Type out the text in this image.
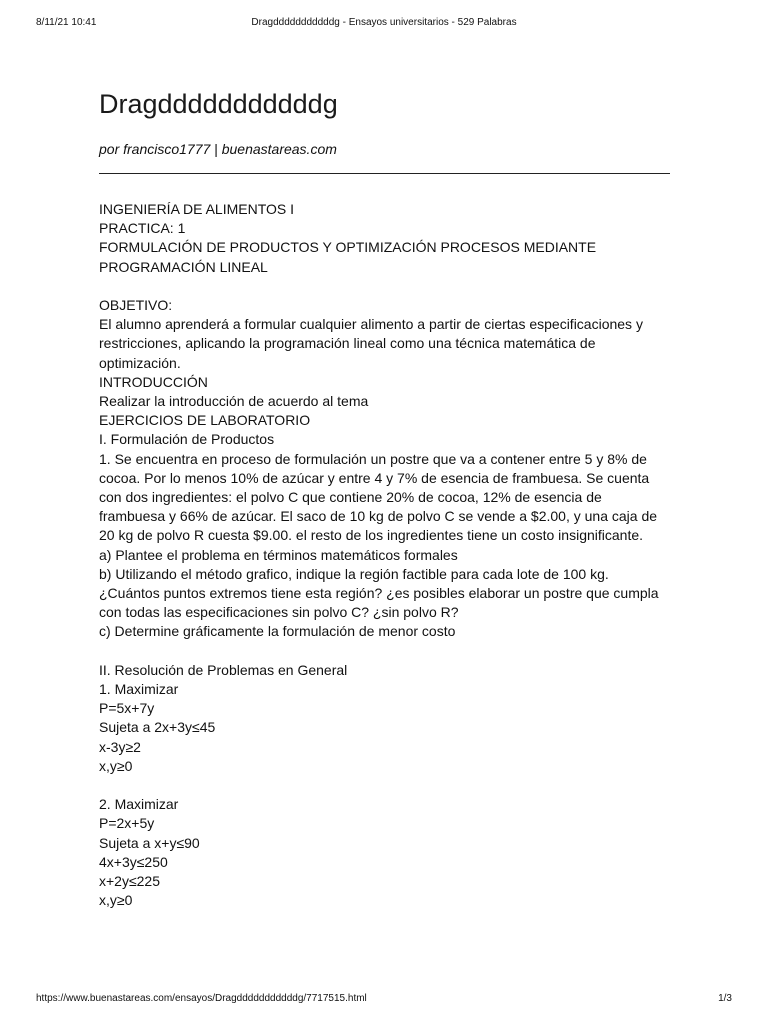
8/11/21 10:41	Dragdddddddddddg - Ensayos universitarios - 529 Palabras
Dragdddddddddddg
por francisco1777 | buenastareas.com
INGENIERÍA DE ALIMENTOS I
PRACTICA: 1
FORMULACIÓN DE PRODUCTOS Y OPTIMIZACIÓN PROCESOS MEDIANTE
PROGRAMACIÓN LINEAL
OBJETIVO:
El alumno aprenderá a formular cualquier alimento a partir de ciertas especificaciones y
restricciones, aplicando la programación lineal como una técnica matemática de
optimización.
INTRODUCCIÓN
Realizar la introducción de acuerdo al tema
EJERCICIOS DE LABORATORIO
I. Formulación de Productos
1. Se encuentra en proceso de formulación un postre que va a contener entre 5 y 8% de
cocoa. Por lo menos 10% de azúcar y entre 4 y 7% de esencia de frambuesa. Se cuenta
con dos ingredientes: el polvo C que contiene 20% de cocoa, 12% de esencia de
frambuesa y 66% de azúcar. El saco de 10 kg de polvo C se vende a $2.00, y una caja de
20 kg de polvo R cuesta $9.00. el resto de los ingredientes tiene un costo insignificante.
a) Plantee el problema en términos matemáticos formales
b) Utilizando el método grafico, indique la región factible para cada lote de 100 kg.
¿Cuántos puntos extremos tiene esta región? ¿es posibles elaborar un postre que cumpla
con todas las especificaciones sin polvo C? ¿sin polvo R?
c) Determine gráficamente la formulación de menor costo
II. Resolución de Problemas en General
1. Maximizar
P=5x+7y
Sujeta a 2x+3y≤45
x-3y≥2
x,y≥0
2. Maximizar
P=2x+5y
Sujeta a x+y≤90
4x+3y≤250
x+2y≤225
x,y≥0
https://www.buenastareas.com/ensayos/Dragdddddddddddg/7717515.html	1/3
